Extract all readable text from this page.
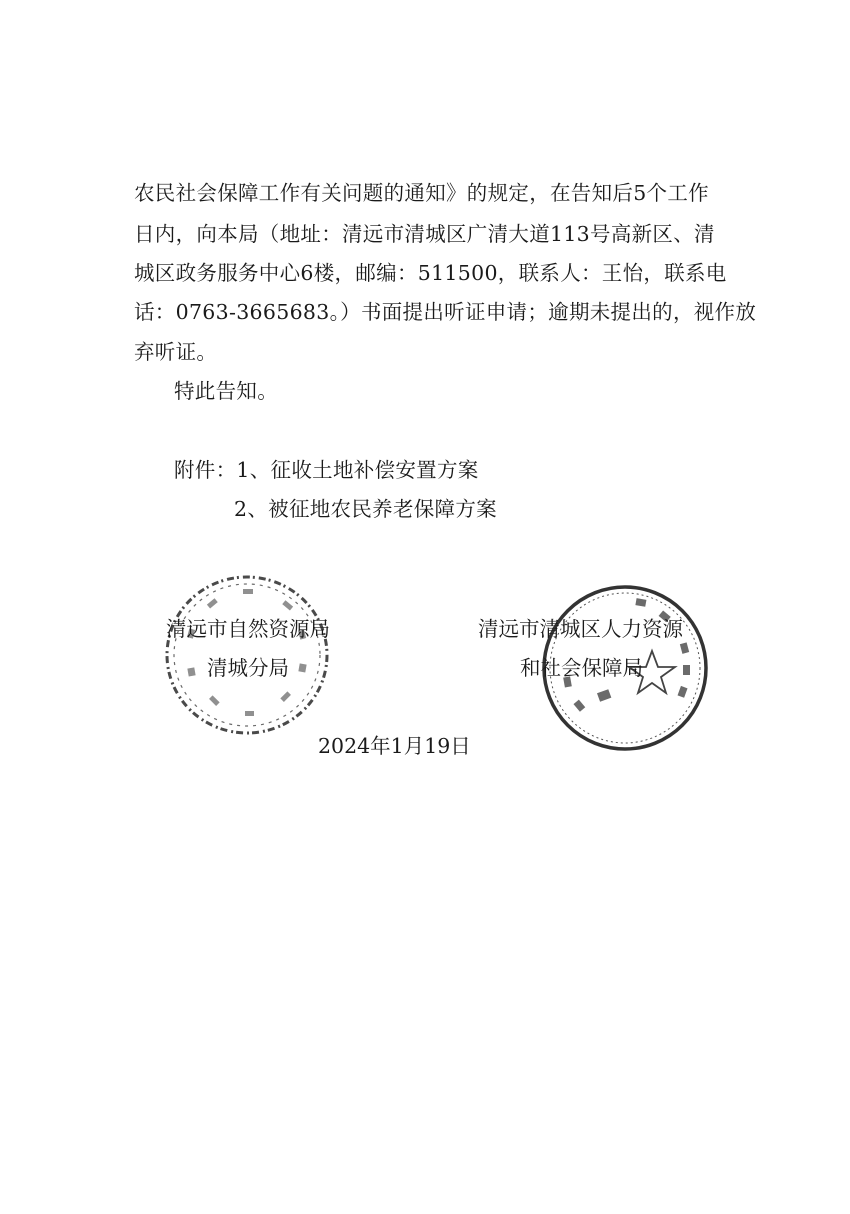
农民社会保障工作有关问题的通知》的规定，在告知后5个工作
日内，向本局（地址：清远市清城区广清大道113号高新区、清
城区政务服务中心6楼，邮编：511500，联系人：王怡，联系电
话：0763-3665683。）书面提出听证申请；逾期未提出的，视作放
弃听证。
特此告知。
附件：1、征收土地补偿安置方案
2、被征地农民养老保障方案
清远市自然资源局
清城分局
清远市清城区人力资源
和社会保障局
2024年1月19日
